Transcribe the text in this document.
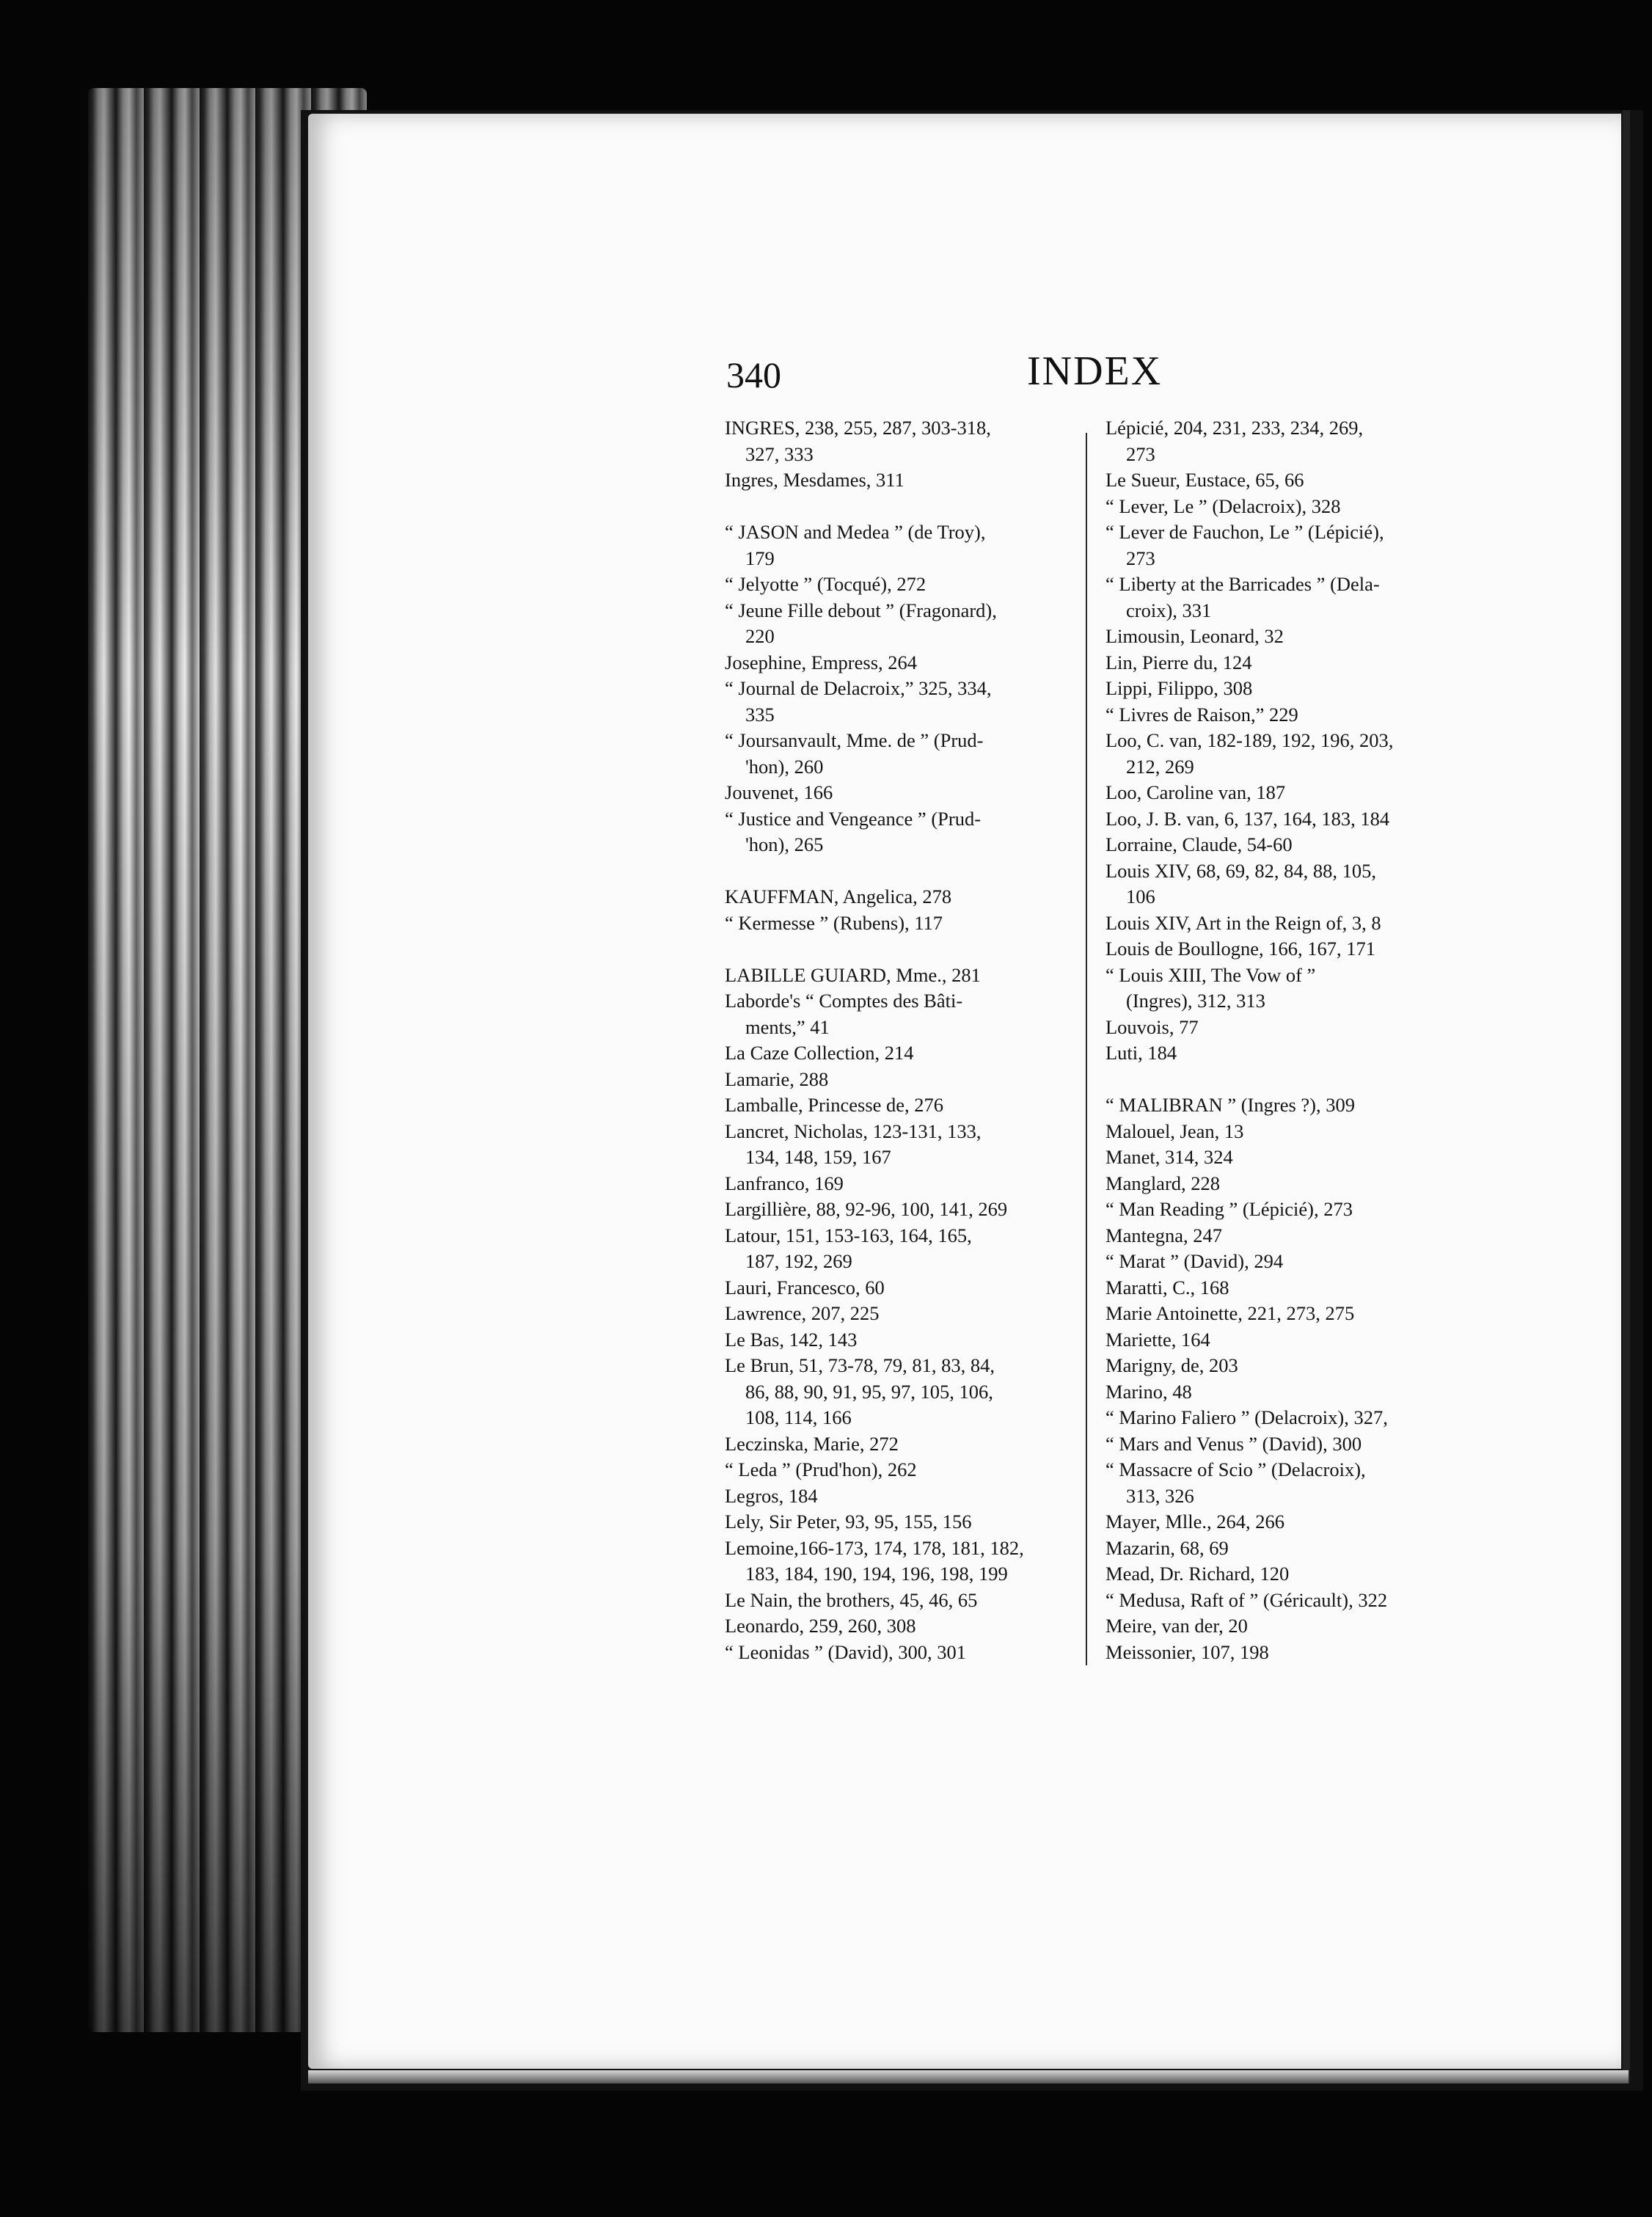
340	INDEX

INGRES, 238, 255, 287, 303-318,
327, 333

Ingres, Mesdames, 311

“ JASON and Medea ” (de Troy),
179

“ Jelyotte ” (Tocqué), 272

“ Jeune Fille debout ” (Fragonard),
220

Josephine, Empress, 264

“ Journal de Delacroix,” 325, 334,
335

“ Joursanvault, Mme. de ” (Prud-
'hon), 260

Jouvenet, 166

“ Justice and Vengeance ” (Prud-
'hon), 265

KAUFFMAN, Angelica, 278

“ Kermesse ” (Rubens), 117

LABILLE GUIARD, Mme., 281

Laborde's “ Comptes des Bâti-
ments,” 41

La Caze Collection, 214

Lamarie, 288

Lamballe, Princesse de, 276

Lancret, Nicholas, 123-131, 133,
134, 148, 159, 167

Lanfranco, 169

Largillière, 88, 92-96, 100, 141, 269

Latour, 151, 153-163, 164, 165,
187, 192, 269

Lauri, Francesco, 60

Lawrence, 207, 225

Le Bas, 142, 143

Le Brun, 51, 73-78, 79, 81, 83, 84,
86, 88, 90, 91, 95, 97, 105, 106,
108, 114, 166

Leczinska, Marie, 272

“ Leda ” (Prud'hon), 262

Legros, 184

Lely, Sir Peter, 93, 95, 155, 156

Lemoine,166-173, 174, 178, 181, 182,
183, 184, 190, 194, 196, 198, 199

Le Nain, the brothers, 45, 46, 65

Leonardo, 259, 260, 308

“ Leonidas ” (David), 300, 301

Lépicié, 204, 231, 233, 234, 269,
273

Le Sueur, Eustace, 65, 66

“ Lever, Le ” (Delacroix), 328

“ Lever de Fauchon, Le ” (Lépicié),
273

“ Liberty at the Barricades ” (Dela-
croix), 331

Limousin, Leonard, 32

Lin, Pierre du, 124

Lippi, Filippo, 308

“ Livres de Raison,” 229

Loo, C. van, 182-189, 192, 196, 203,
212, 269

Loo, Caroline van, 187

Loo, J. B. van, 6, 137, 164, 183, 184

Lorraine, Claude, 54-60

Louis XIV, 68, 69, 82, 84, 88, 105,
106

Louis XIV, Art in the Reign of, 3, 8

Louis de Boullogne, 166, 167, 171

“ Louis XIII, The Vow of ”
(Ingres), 312, 313

Louvois, 77

Luti, 184

“ MALIBRAN ” (Ingres ?), 309

Malouel, Jean, 13

Manet, 314, 324

Manglard, 228

“ Man Reading ” (Lépicié), 273

Mantegna, 247

“ Marat ” (David), 294

Maratti, C., 168

Marie Antoinette, 221, 273, 275

Mariette, 164

Marigny, de, 203

Marino, 48

“ Marino Faliero ” (Delacroix), 327,

“ Mars and Venus ” (David), 300

“ Massacre of Scio ” (Delacroix),
313, 326

Mayer, Mlle., 264, 266

Mazarin, 68, 69

Mead, Dr. Richard, 120

“ Medusa, Raft of ” (Géricault), 322

Meire, van der, 20

Meissonier, 107, 198
